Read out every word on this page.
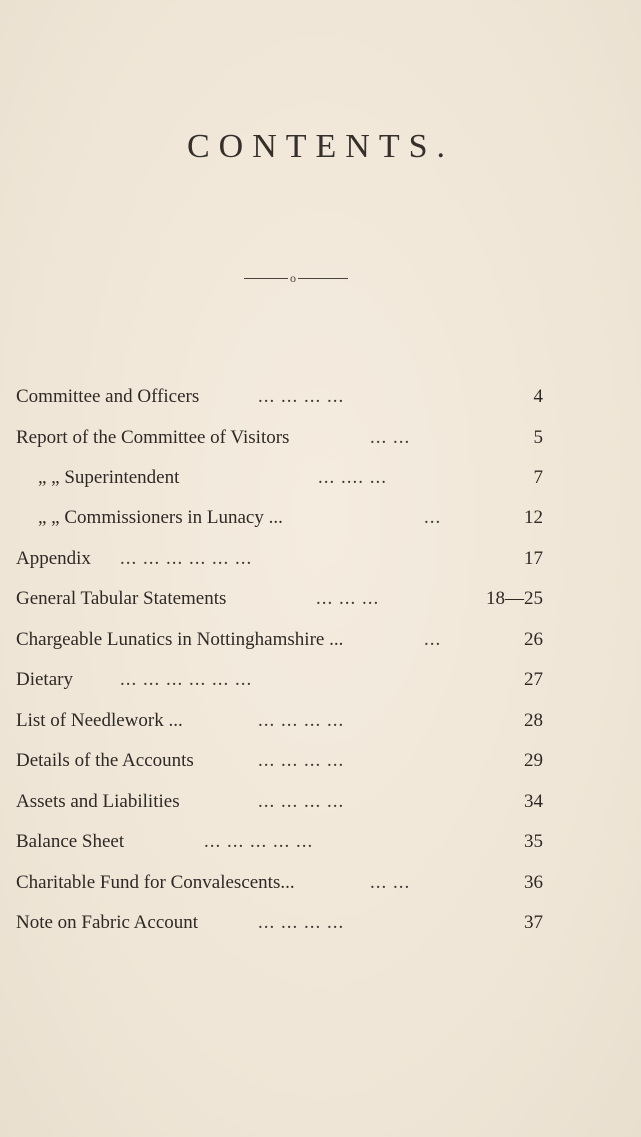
CONTENTS.
o
Committee and Officers	... ... ... ...	4
Report of the Committee of Visitors	... ...	5
„ „ Superintendent	... .... ...	7
„ „ Commissioners in Lunacy ...	...	12
Appendix ... ... ... ... ... ...	17
General Tabular Statements	... ... ...	18—25
Chargeable Lunatics in Nottinghamshire ...	...	26
Dietary ... ... ... ... ... ...	27
List of Needlework ...	... ... ... ...	28
Details of the Accounts	... ... ... ...	29
Assets and Liabilities	... ... ... ...	34
Balance Sheet	... ... ... ... ...	35
Charitable Fund for Convalescents...	... ...	36
Note on Fabric Account	... ... ... ...	37
